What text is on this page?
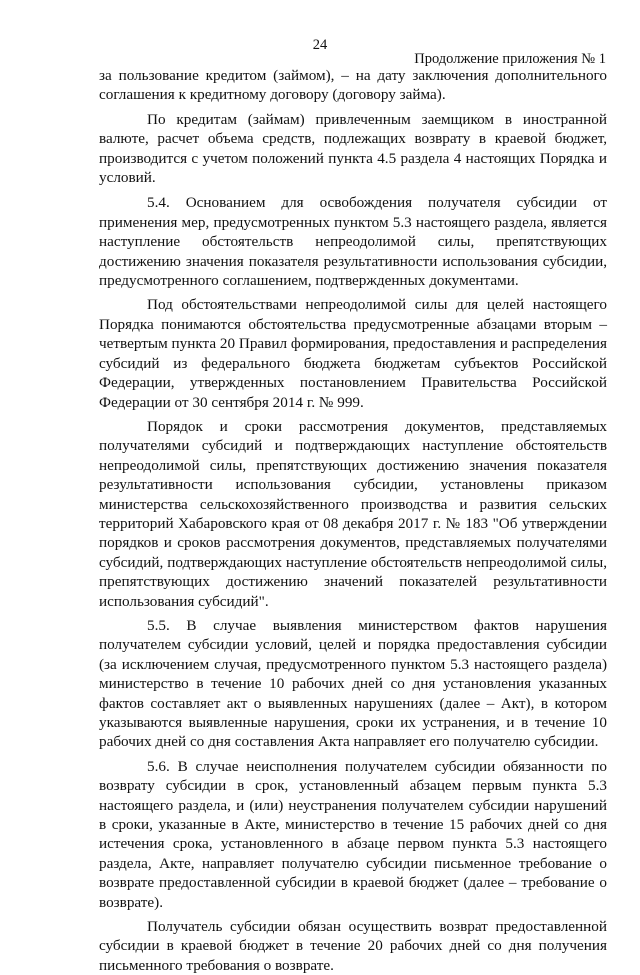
24
Продолжение приложения № 1

за пользование кредитом (займом), – на дату заключения дополнительного соглашения к кредитному договору (договору займа).

По кредитам (займам) привлеченным заемщиком в иностранной валюте, расчет объема средств, подлежащих возврату в краевой бюджет, производится с учетом положений пункта 4.5 раздела 4 настоящих Порядка и условий.

5.4. Основанием для освобождения получателя субсидии от применения мер, предусмотренных пунктом 5.3 настоящего раздела, является наступление обстоятельств непреодолимой силы, препятствующих достижению значения показателя результативности использования субсидии, предусмотренного соглашением, подтвержденных документами.

Под обстоятельствами непреодолимой силы для целей настоящего Порядка понимаются обстоятельства предусмотренные абзацами вторым – четвертым пункта 20 Правил формирования, предоставления и распределения субсидий из федерального бюджета бюджетам субъектов Российской Федерации, утвержденных постановлением Правительства Российской Федерации от 30 сентября 2014 г. № 999.

Порядок и сроки рассмотрения документов, представляемых получателями субсидий и подтверждающих наступление обстоятельств непреодолимой силы, препятствующих достижению значения показателя результативности использования субсидии, установлены приказом министерства сельскохозяйственного производства и развития сельских территорий Хабаровского края от 08 декабря 2017 г. № 183 "Об утверждении порядков и сроков рассмотрения документов, представляемых получателями субсидий, подтверждающих наступление обстоятельств непреодолимой силы, препятствующих достижению значений показателей результативности использования субсидий".

5.5. В случае выявления министерством фактов нарушения получателем субсидии условий, целей и порядка предоставления субсидии (за исключением случая, предусмотренного пунктом 5.3 настоящего раздела) министерство в течение 10 рабочих дней со дня установления указанных фактов составляет акт о выявленных нарушениях (далее – Акт), в котором указываются выявленные нарушения, сроки их устранения, и в течение 10 рабочих дней со дня составления Акта направляет его получателю субсидии.

5.6. В случае неисполнения получателем субсидии обязанности по возврату субсидии в срок, установленный абзацем первым пункта 5.3 настоящего раздела, и (или) неустранения получателем субсидии нарушений в сроки, указанные в Акте, министерство в течение 15 рабочих дней со дня истечения срока, установленного в абзаце первом пункта 5.3 настоящего раздела, Акте, направляет получателю субсидии письменное требование о возврате предоставленной субсидии в краевой бюджет (далее – требование о возврате).

Получатель субсидии обязан осуществить возврат предоставленной субсидии в краевой бюджет в течение 20 рабочих дней со дня получения письменного требования о возврате.
